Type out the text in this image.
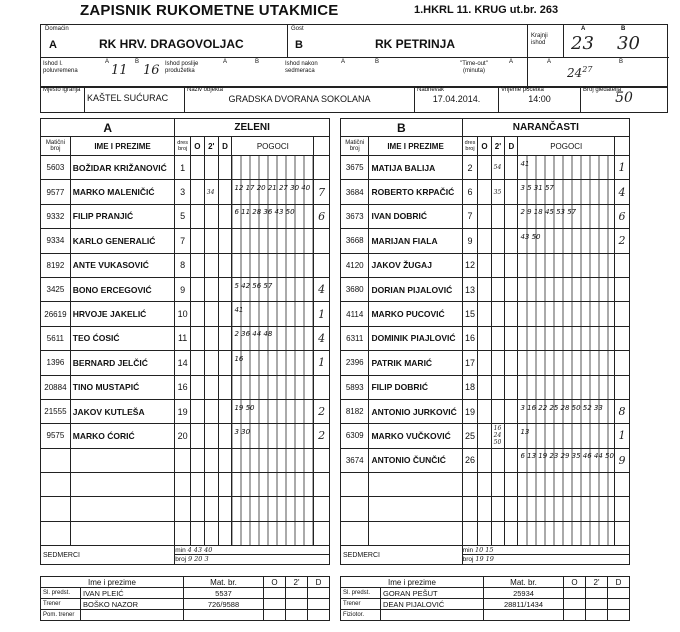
ZAPISNIK RUKOMETNE UTAKMICE	1.HKRL 11. KRUG ut.br. 263
Domaćin
A	RK HRV. DRAGOVOLJAC
Gost
B	RK PETRINJA
Krajnji ishod
A	B
23 30
Ishod I. poluvremena
A
11
B
16 Ishod poslije produžetka
A	B	Ishod nakon sedmeraca
A	B	"Time-out" (minuta)
A	A
$24^{27}$
B
Mjesto igranja

KAŠTEL SUĆURAC

Naziv objekta
GRADSKA DVORANA SOKOLANA

Nadnevak
17.04.2014.

Vrijeme početka
14:00

Broj gledatelja
50
A		ZELENI					
Matični broj	IME I PREZIME	dres broj	O	2'	D	POGOCI	
5603	BOŽIDAR KRIŽANOVIĆ	1					
9577	MARKO MALENIČIĆ	3		34		$^{12 17 20 21 27 30 40}$	7
9332	FILIP PRANJIĆ	5				$^{6 11 28 36 43 50}$	6
9334	KARLO GENERALIĆ	7					
8192	ANTE VUKASOVIĆ	8					
3425	BONO ERCEGOVIĆ	9				$^{5 42 56 57}$	4
26619	HRVOJE JAKELIĆ	10				$^{41}$	1
5611	TEO ĆOSIĆ	11				$^{2 36 44 48}$	4
1396	BERNARD JELČIĆ	14				$^{16}$	1
20884	TINO MUSTAPIĆ	16					
21555	JAKOV KUTLEŠA	19				$^{19 50}$	2
9575	MARKO ĆORIĆ	20				$^{3 30}$	2

SEDMERCI		min 4 43 40
broj 9 20 3					
B		NARANČASTI					
Matični broj	IME I PREZIME	dres broj	O	2'	D	POGOCI	
3675	MATIJA BALIJA	2		54		$^{41}$	1
3684	ROBERTO KRPAČIĆ	6		35		$^{3 5 31 57}$	4
3673	IVAN DOBRIĆ	7				$^{2 9 18 45 53 57}$	6
3668	MARIJAN FIALA	9				$^{43 50}$	2
4120	JAKOV ŽUGAJ	12					
3680	DORIAN PIJALOVIĆ	13					
4114	MARKO PUCOVIĆ	15					
6311	DOMINIK PIAJLOVIĆ	16					
2396	PATRIK MARIĆ	17					
5893	FILIP DOBRIĆ	18					
8182	ANTONIO JURKOVIĆ	19				$^{3 16 22 25 28 50 52 33}$	8
6309	MARKO VUČKOVIĆ	25		16 24 50		$^{13}$	1
3674	ANTONIO ČUNČIĆ	26				$^{6 13 19 23 29 35 46 44 50}$	9

SEDMERCI		min 10 15
broj 19 19					
Ime i prezime		Mat. br.	O	2'	D
Sl. predst.	IVAN PLEIĆ	5537			
Trener	BOŠKO NAZOR	726/9588			
Pom. trener					
Ime i prezime		Mat. br.	O	2'	D
Sl. predst.	GORAN PEŠUT	25934			
Trener	DEAN PIJALOVIĆ	28811/1434			
Fiziotor.					
